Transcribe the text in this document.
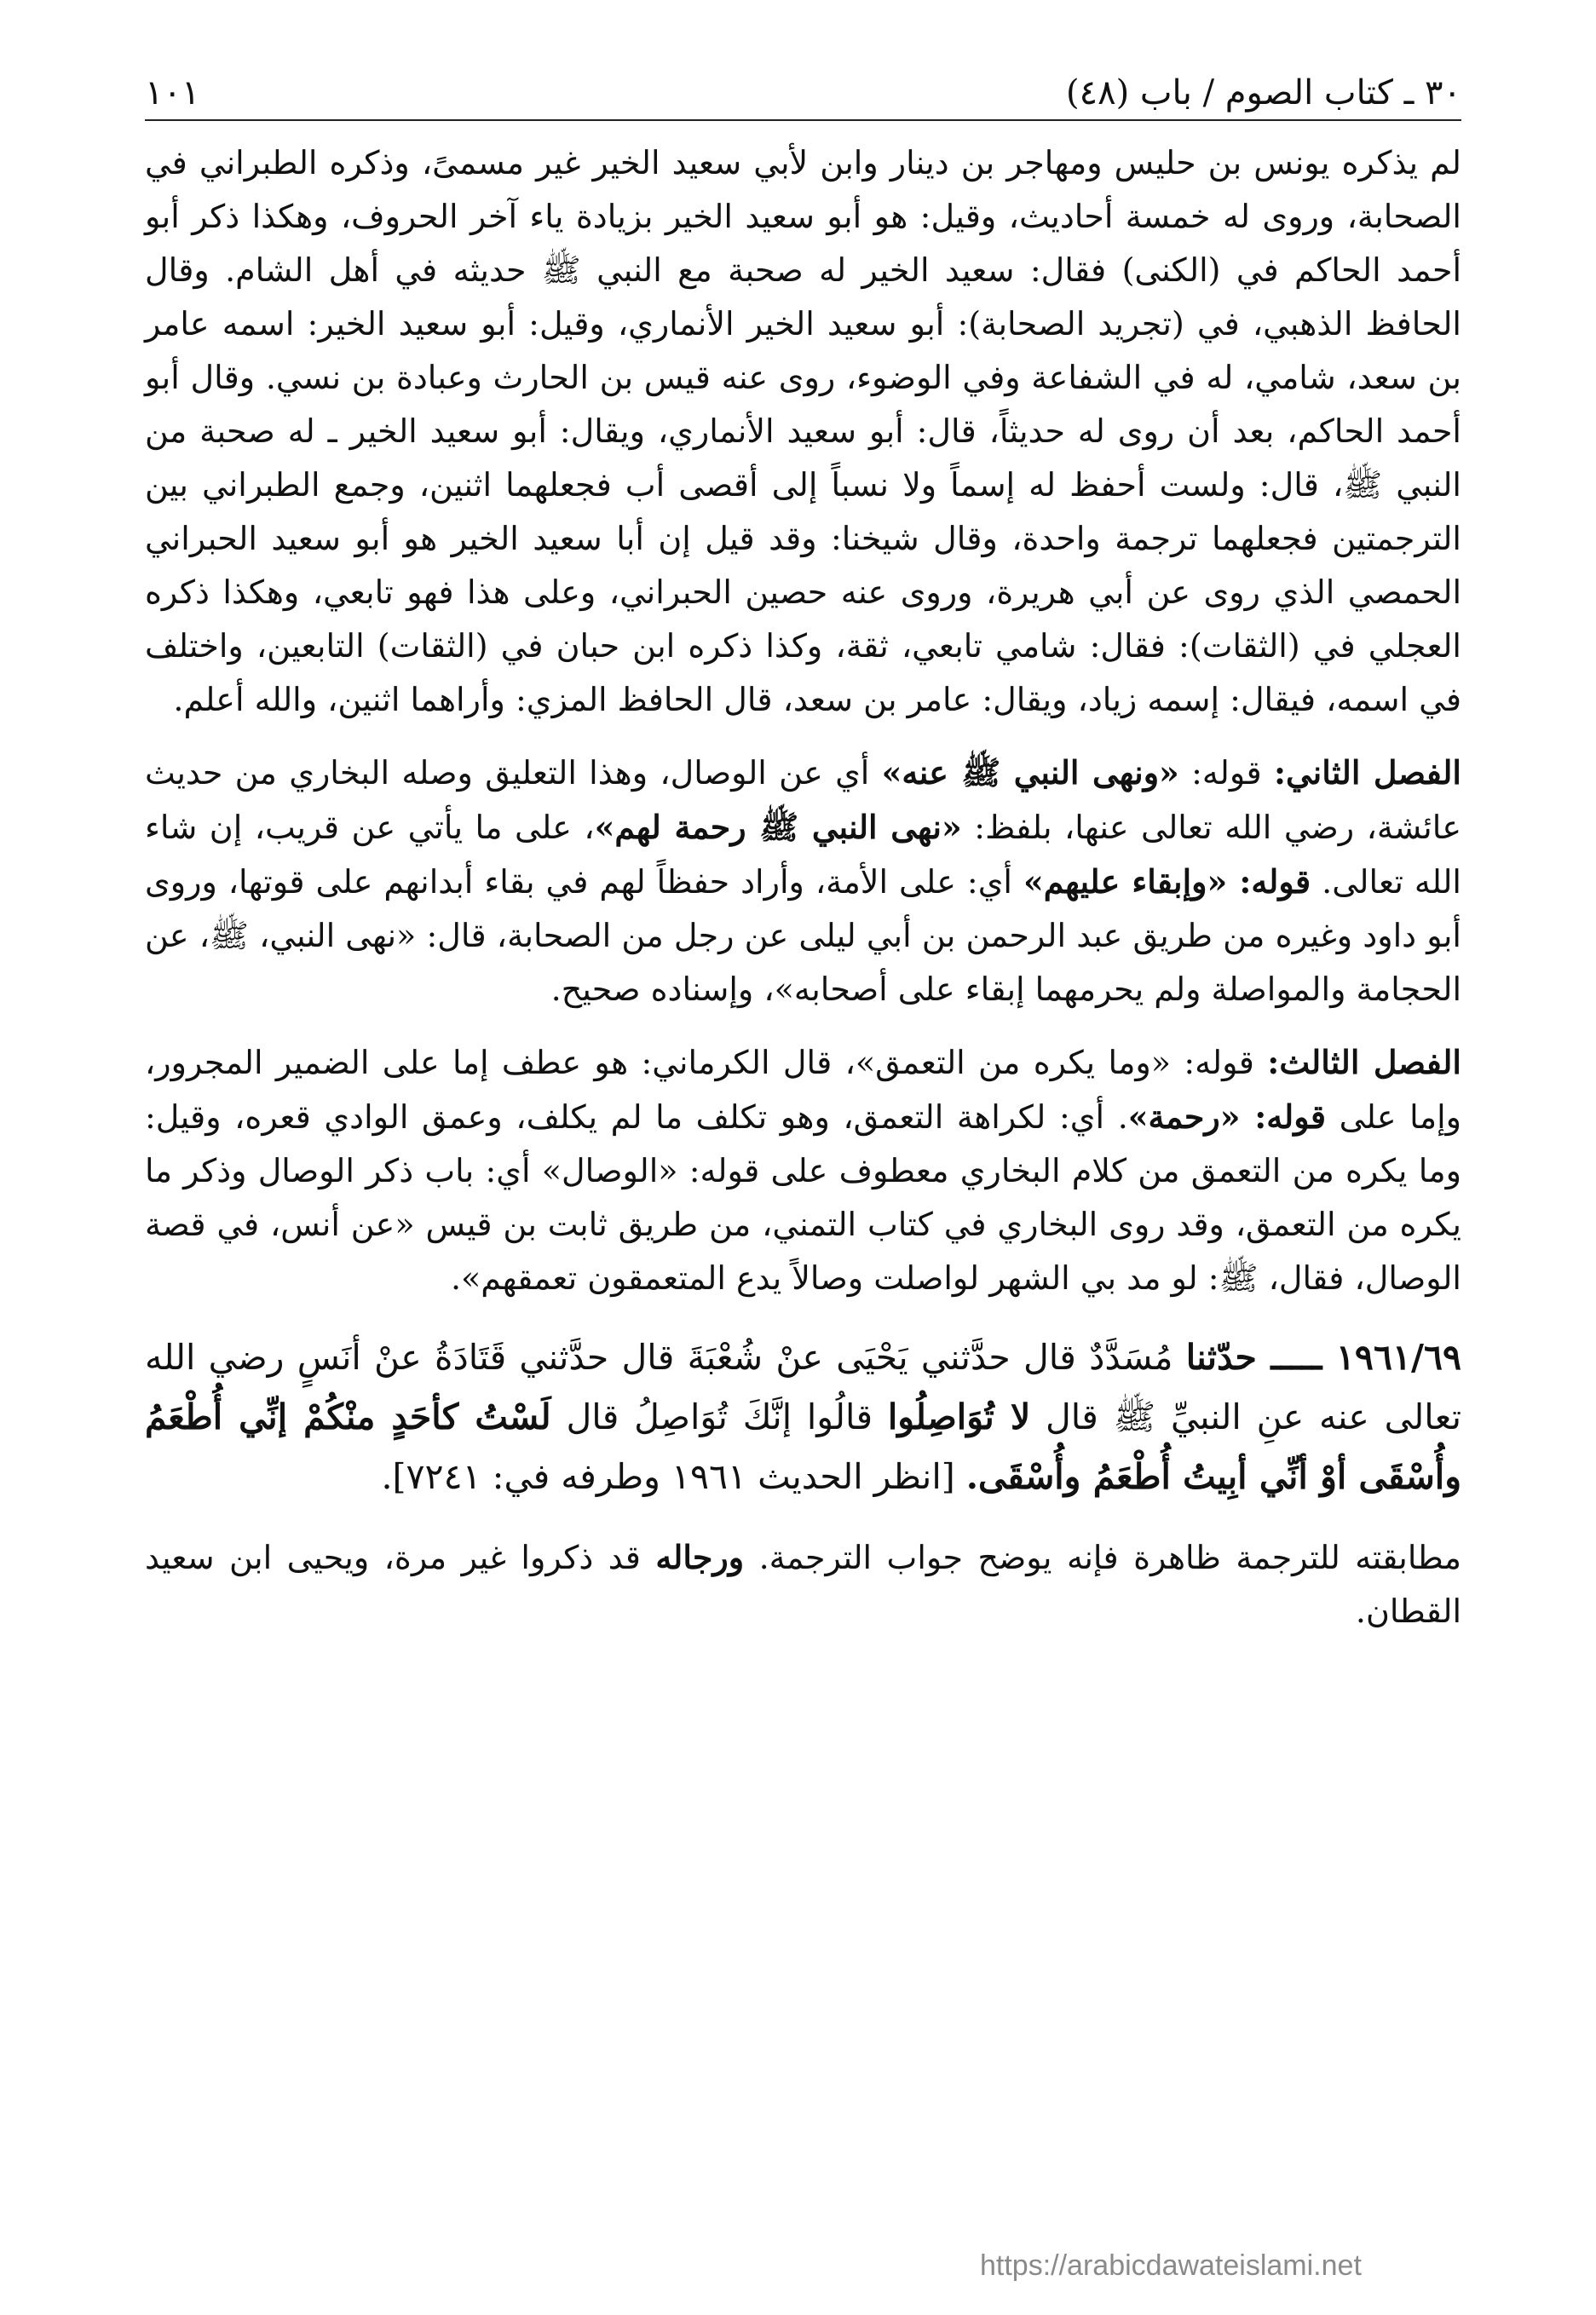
٣٠ ـ كتاب الصوم / باب (٤٨)
١٠١

لم يذكره يونس بن حليس ومهاجر بن دينار وابن لأبي سعيد الخير غير مسمىً، وذكره الطبراني في الصحابة، وروى له خمسة أحاديث، وقيل: هو أبو سعيد الخير بزيادة ياء آخر الحروف، وهكذا ذكر أبو أحمد الحاكم في (الكنى) فقال: سعيد الخير له صحبة مع النبي ﷺ حديثه في أهل الشام. وقال الحافظ الذهبي، في (تجريد الصحابة): أبو سعيد الخير الأنماري، وقيل: أبو سعيد الخير: اسمه عامر بن سعد، شامي، له في الشفاعة وفي الوضوء، روى عنه قيس بن الحارث وعبادة بن نسي. وقال أبو أحمد الحاكم، بعد أن روى له حديثاً، قال: أبو سعيد الأنماري، ويقال: أبو سعيد الخير ـ له صحبة من النبي ﷺ، قال: ولست أحفظ له إسماً ولا نسباً إلى أقصى أب فجعلهما اثنين، وجمع الطبراني بين الترجمتين فجعلهما ترجمة واحدة، وقال شيخنا: وقد قيل إن أبا سعيد الخير هو أبو سعيد الحبراني الحمصي الذي روى عن أبي هريرة، وروى عنه حصين الحبراني، وعلى هذا فهو تابعي، وهكذا ذكره العجلي في (الثقات): فقال: شامي تابعي، ثقة، وكذا ذكره ابن حبان في (الثقات) التابعين، واختلف في اسمه، فيقال: إسمه زياد، ويقال: عامر بن سعد، قال الحافظ المزي: وأراهما اثنين، والله أعلم.

الفصل الثاني: قوله: «ونهى النبي ﷺ عنه» أي عن الوصال، وهذا التعليق وصله البخاري من حديث عائشة، رضي الله تعالى عنها، بلفظ: «نهى النبي ﷺ رحمة لهم»، على ما يأتي عن قريب، إن شاء الله تعالى. قوله: «وإبقاء عليهم» أي: على الأمة، وأراد حفظاً لهم في بقاء أبدانهم على قوتها، وروى أبو داود وغيره من طريق عبد الرحمن بن أبي ليلى عن رجل من الصحابة، قال: «نهى النبي، ﷺ، عن الحجامة والمواصلة ولم يحرمهما إبقاء على أصحابه»، وإسناده صحيح.

الفصل الثالث: قوله: «وما يكره من التعمق»، قال الكرماني: هو عطف إما على الضمير المجرور، وإما على قوله: «رحمة». أي: لكراهة التعمق، وهو تكلف ما لم يكلف، وعمق الوادي قعره، وقيل: وما يكره من التعمق من كلام البخاري معطوف على قوله: «الوصال» أي: باب ذكر الوصال وذكر ما يكره من التعمق، وقد روى البخاري في كتاب التمني، من طريق ثابت بن قيس «عن أنس، في قصة الوصال، فقال، ﷺ: لو مد بي الشهر لواصلت وصالاً يدع المتعمقون تعمقهم».

١٩٦١/٦٩ ـــــ حدّثنا مُسَدَّدٌ قال حدَّثني يَحْيَى عنْ شُعْبَةَ قال حدَّثني قَتَادَةُ عنْ أنَسٍ رضي الله تعالى عنه عنِ النبيِّ ﷺ قال لا تُوَاصِلُوا قالُوا إنَّكَ تُوَاصِلُ قال لَسْتُ كأحَدٍ منْكُمْ إنِّي أُطْعَمُ وأُسْقَى أوْ أنِّي أبِيتُ أُطْعَمُ وأُسْقَى. [انظر الحديث ١٩٦١ وطرفه في: ٧٢٤١].

مطابقته للترجمة ظاهرة فإنه يوضح جواب الترجمة. ورجاله قد ذكروا غير مرة، ويحيى ابن سعيد القطان.

https://arabicdawateislami.net
